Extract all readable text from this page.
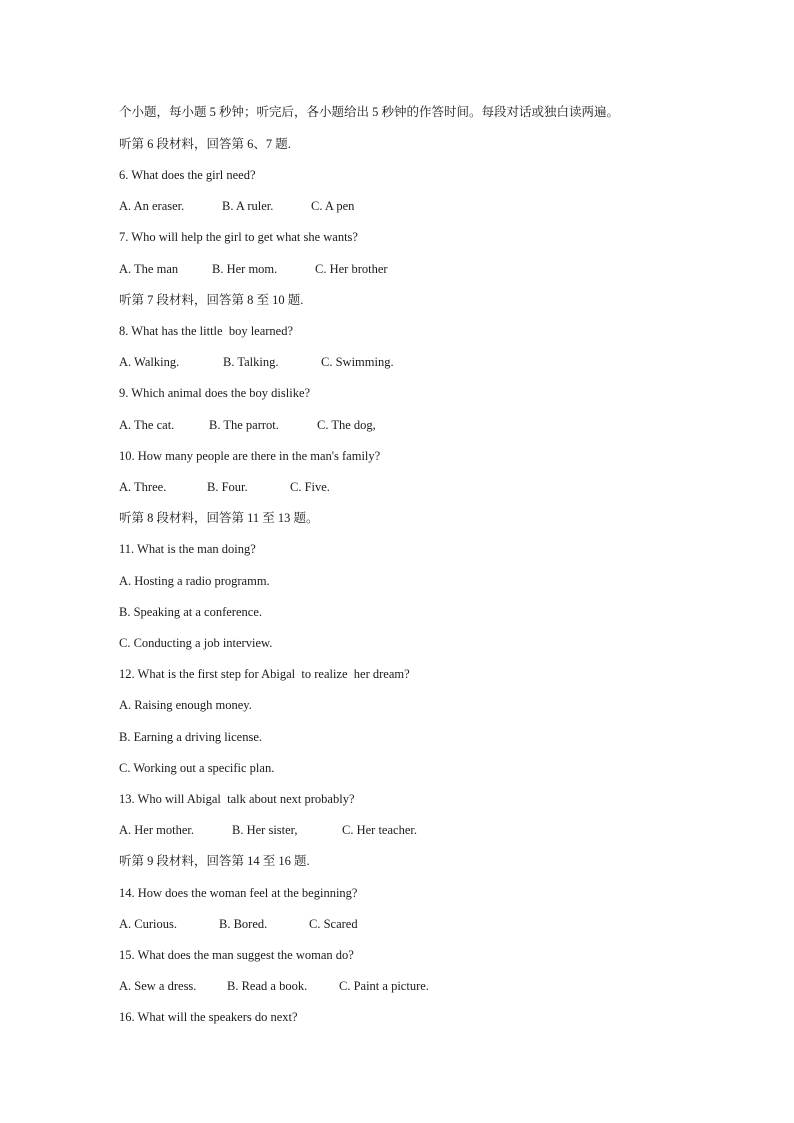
个小题，每小题 5 秒钟；听完后，各小题给出 5 秒钟的作答时间。每段对话或独白读两遍。
听第 6 段材料，回答第 6、7 题.
6. What does the girl need?

A. An eraser.

	B. A ruler.

	C. A pen

7. Who will help the girl to get what she wants?

A. The man

	B. Her mom.

	C. Her brother

听第 7 段材料，回答第 8 至 10 题.
8. What has the little  boy learned?

A. Walking.

	B. Talking.

	C. Swimming.

9. Which animal does the boy dislike?

A. The cat.

	B. The parrot.

	C. The dog,

10. How many people are there in the man's family?

A. Three.

	B. Four.

	C. Five.

听第 8 段材料，回答第 11 至 13 题。
11. What is the man doing?
A. Hosting a radio programm.
B. Speaking at a conference.
C. Conducting a job interview.
12. What is the first step for Abigal  to realize  her dream?
A. Raising enough money.
B. Earning a driving license.
C. Working out a specific plan.
13. Who will Abigal  talk about next probably?

A. Her mother.

	B. Her sister,

	C. Her teacher.

听第 9 段材料，回答第 14 至 16 题.
14. How does the woman feel at the beginning?

A. Curious.

	B. Bored.

	C. Scared

15. What does the man suggest the woman do?

A. Sew a dress.

B. Read a book.

	C. Paint a picture.

16. What will the speakers do next?
